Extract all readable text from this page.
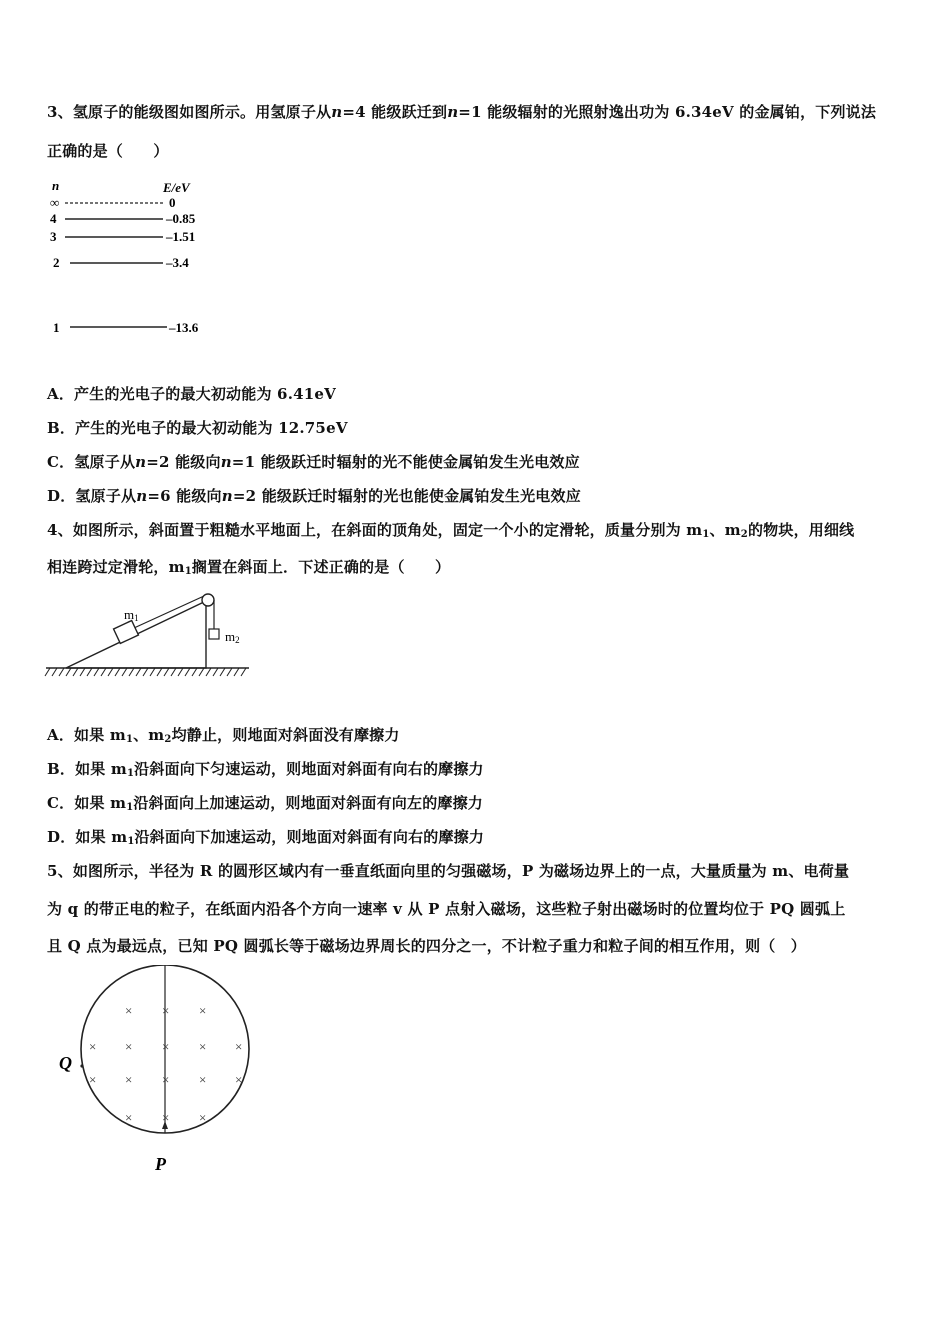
3、氢原子的能级图如图所示。用氢原子从n=4 能级跃迁到n=1 能级辐射的光照射逸出功为 6.34eV 的金属铂，下列说法
正确的是（　　）
n	E/eV
∞	0
4	–0.85
3	–1.51
2	–3.4
1	–13.6
A．产生的光电子的最大初动能为 6.41eV
B．产生的光电子的最大初动能为 12.75eV
C．氢原子从n=2 能级向n=1 能级跃迁时辐射的光不能使金属铂发生光电效应
D．氢原子从n=6 能级向n=2 能级跃迁时辐射的光也能使金属铂发生光电效应
4、如图所示，斜面置于粗糙水平地面上，在斜面的顶角处，固定一个小的定滑轮，质量分别为 $m_1$、$m_2$的物块，用细线
相连跨过定滑轮，$m_1$搁置在斜面上．下述正确的是（　　）
m1
m2
A．如果 $m_1$、$m_2$均静止，则地面对斜面没有摩擦力
B．如果 $m_1$沿斜面向下匀速运动，则地面对斜面有向右的摩擦力
C．如果 $m_1$沿斜面向上加速运动，则地面对斜面有向左的摩擦力
D．如果 $m_1$沿斜面向下加速运动，则地面对斜面有向右的摩擦力
5、如图所示，半径为 R 的圆形区域内有一垂直纸面向里的匀强磁场，P 为磁场边界上的一点，大量质量为 m、电荷量
为 q 的带正电的粒子，在纸面内沿各个方向一速率 v 从 P 点射入磁场，这些粒子射出磁场时的位置均位于 PQ 圆弧上
且 Q 点为最远点，已知 PQ 圆弧长等于磁场边界周长的四分之一，不计粒子重力和粒子间的相互作用，则（　）
× × ×
× × × × ×
× × × × ×
× × ×
Q
P
